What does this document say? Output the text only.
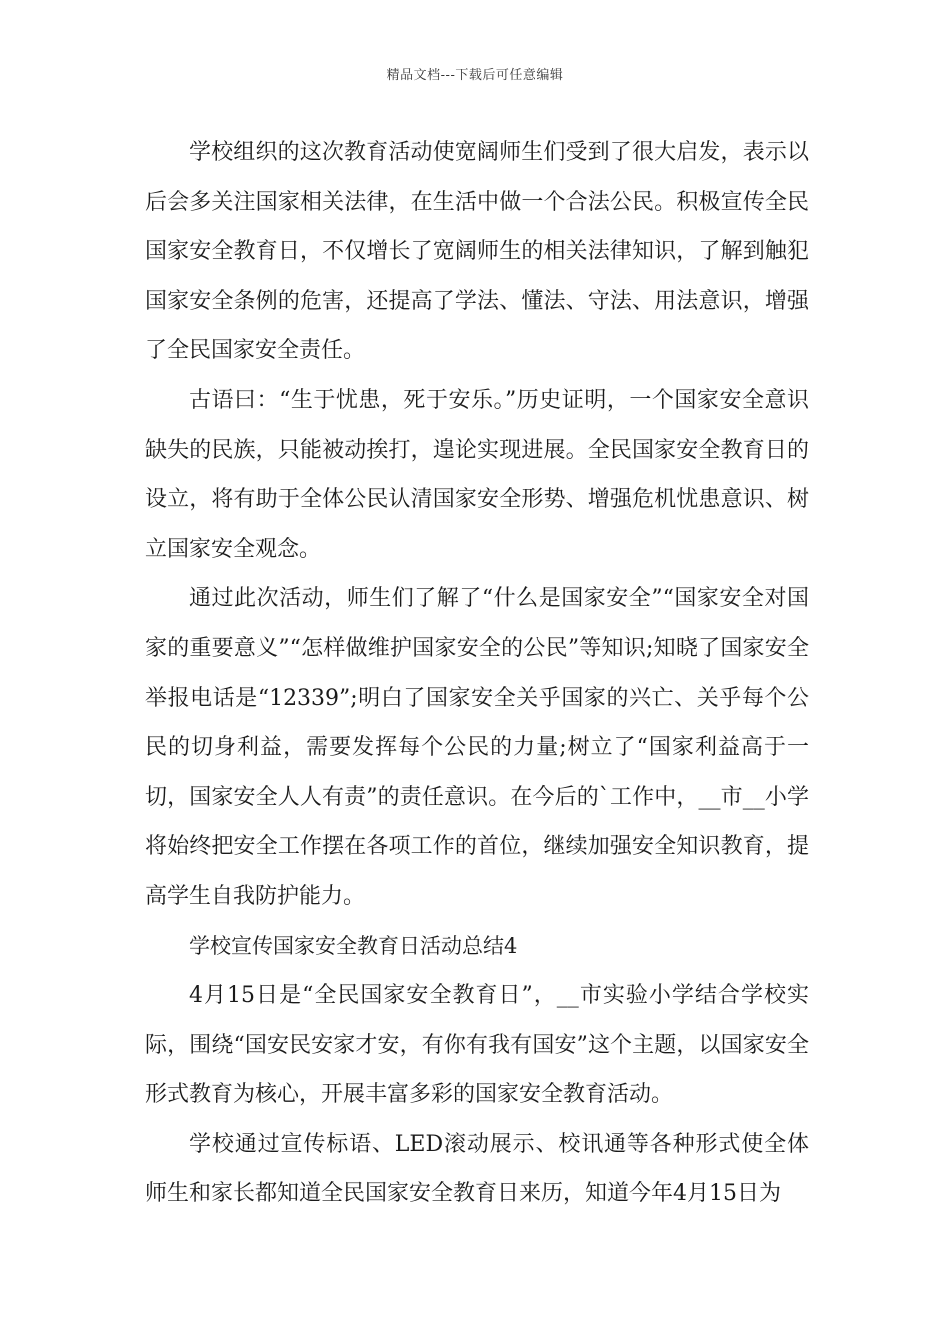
精品文档---下载后可任意编辑

学校组织的这次教育活动使宽阔师生们受到了很大启发，表示以后会多关注国家相关法律，在生活中做一个合法公民。积极宣传全民国家安全教育日，不仅增长了宽阔师生的相关法律知识，了解到触犯国家安全条例的危害，还提高了学法、懂法、守法、用法意识，增强了全民国家安全责任。

古语曰：“生于忧患，死于安乐。”历史证明，一个国家安全意识缺失的民族，只能被动挨打，遑论实现进展。全民国家安全教育日的设立，将有助于全体公民认清国家安全形势、增强危机忧患意识、树立国家安全观念。

通过此次活动，师生们了解了“什么是国家安全”“国家安全对国家的重要意义”“怎样做维护国家安全的公民”等知识;知晓了国家安全举报电话是“12339”;明白了国家安全关乎国家的兴亡、关乎每个公民的切身利益，需要发挥每个公民的力量;树立了“国家利益高于一切，国家安全人人有责”的责任意识。在今后的`工作中，__市__小学将始终把安全工作摆在各项工作的首位，继续加强安全知识教育，提高学生自我防护能力。

学校宣传国家安全教育日活动总结4

4月15日是“全民国家安全教育日”，__市实验小学结合学校实际，围绕“国安民安家才安，有你有我有国安”这个主题，以国家安全形式教育为核心，开展丰富多彩的国家安全教育活动。

学校通过宣传标语、LED滚动展示、校讯通等各种形式使全体师生和家长都知道全民国家安全教育日来历，知道今年4月15日为
